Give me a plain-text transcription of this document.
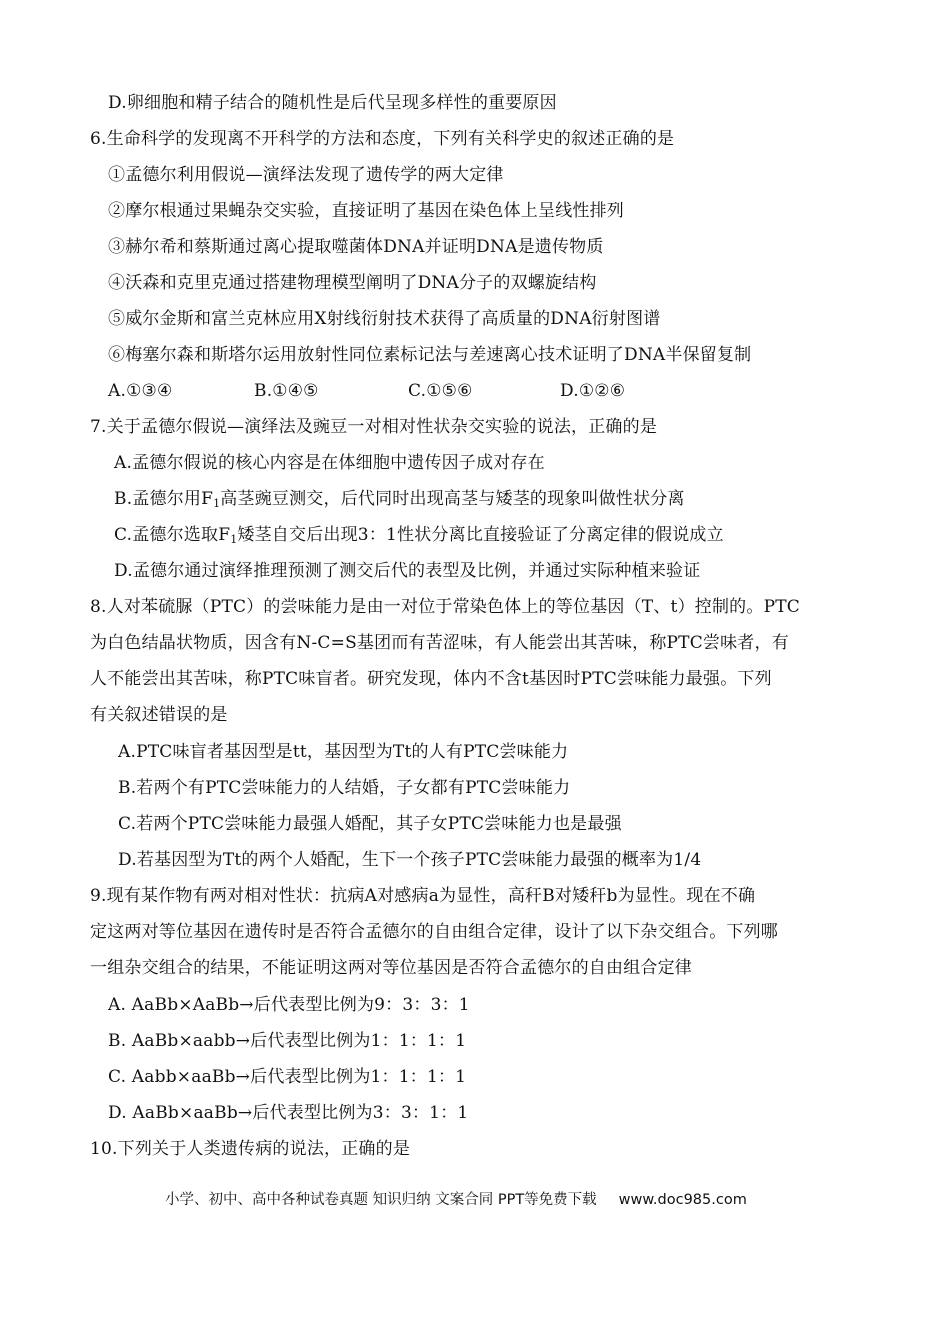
D.卵细胞和精子结合的随机性是后代呈现多样性的重要原因
6.生命科学的发现离不开科学的方法和态度，下列有关科学史的叙述正确的是
①孟德尔利用假说—演绎法发现了遗传学的两大定律
②摩尔根通过果蝇杂交实验，直接证明了基因在染色体上呈线性排列
③赫尔希和蔡斯通过离心提取噬菌体DNA并证明DNA是遗传物质
④沃森和克里克通过搭建物理模型阐明了DNA分子的双螺旋结构
⑤威尔金斯和富兰克林应用X射线衍射技术获得了高质量的DNA衍射图谱
⑥梅塞尔森和斯塔尔运用放射性同位素标记法与差速离心技术证明了DNA半保留复制
A.①③④	B.①④⑤	C.①⑤⑥	D.①②⑥
7.关于孟德尔假说—演绎法及豌豆一对相对性状杂交实验的说法，正确的是
A.孟德尔假说的核心内容是在体细胞中遗传因子成对存在
B.孟德尔用$F_1$高茎豌豆测交，后代同时出现高茎与矮茎的现象叫做性状分离
C.孟德尔选取$F_1$矮茎自交后出现3：1性状分离比直接验证了分离定律的假说成立
D.孟德尔通过演绎推理预测了测交后代的表型及比例，并通过实际种植来验证
8.人对苯硫脲（PTC）的尝味能力是由一对位于常染色体上的等位基因（T、t）控制的。PTC
为白色结晶状物质，因含有N-C=S基团而有苦涩味，有人能尝出其苦味，称PTC尝味者，有
人不能尝出其苦味，称PTC味盲者。研究发现，体内不含t基因时PTC尝味能力最强。下列
有关叙述错误的是
A.PTC味盲者基因型是tt，基因型为Tt的人有PTC尝味能力
B.若两个有PTC尝味能力的人结婚，子女都有PTC尝味能力
C.若两个PTC尝味能力最强人婚配，其子女PTC尝味能力也是最强
D.若基因型为Tt的两个人婚配，生下一个孩子PTC尝味能力最强的概率为1/4
9.现有某作物有两对相对性状：抗病A对感病a为显性，高秆B对矮秆b为显性。现在不确
定这两对等位基因在遗传时是否符合孟德尔的自由组合定律，设计了以下杂交组合。下列哪
一组杂交组合的结果，不能证明这两对等位基因是否符合孟德尔的自由组合定律
A. AaBb×AaBb→后代表型比例为9：3：3：1
B. AaBb×aabb→后代表型比例为1：1：1：1
C. Aabb×aaBb→后代表型比例为1：1：1：1
D. AaBb×aaBb→后代表型比例为3：3：1：1
10.下列关于人类遗传病的说法，正确的是
小学、初中、高中各种试卷真题 知识归纳 文案合同 PPT等免费下载 www.doc985.com
